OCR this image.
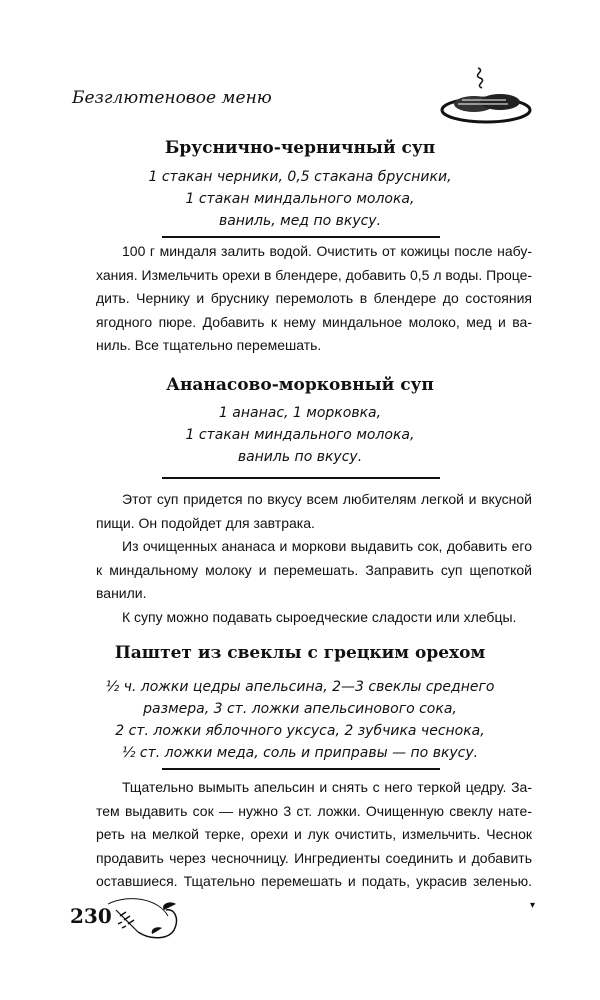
Безглютеновое меню
Бруснично-черничный суп
1 стакан черники, 0,5 стакана брусники,
1 стакан миндального молока,
ваниль, мед по вкусу.
100 г миндаля залить водой. Очистить от кожицы после набу-
хания. Измельчить орехи в блендере, добавить 0,5 л воды. Проце-
дить. Чернику и бруснику перемолоть в блендере до состояния
ягодного пюре. Добавить к нему миндальное молоко, мед и ва-
ниль. Все тщательно перемешать.
Ананасово-морковный суп
1 ананас, 1 морковка,
1 стакан миндального молока,
ваниль по вкусу.
Этот суп придется по вкусу всем любителям легкой и вкусной
пищи. Он подойдет для завтрака.
Из очищенных ананаса и моркови выдавить сок, добавить его
к миндальному молоку и перемешать. Заправить суп щепоткой
ванили.
К супу можно подавать сыроедческие сладости или хлебцы.
Паштет из свеклы с грецким орехом
½ ч. ложки цедры апельсина, 2—3 свеклы среднего
размера, 3 ст. ложки апельсинового сока,
2 ст. ложки яблочного уксуса, 2 зубчика чеснока,
½ ст. ложки меда, соль и приправы — по вкусу.
Тщательно вымыть апельсин и снять с него теркой цедру. За-
тем выдавить сок — нужно 3 ст. ложки. Очищенную свеклу нате-
реть на мелкой терке, орехи и лук очистить, измельчить. Чеснок
продавить через чесночницу. Ингредиенты соединить и добавить
оставшиеся. Тщательно перемешать и подать, украсив зеленью.
230	▾
